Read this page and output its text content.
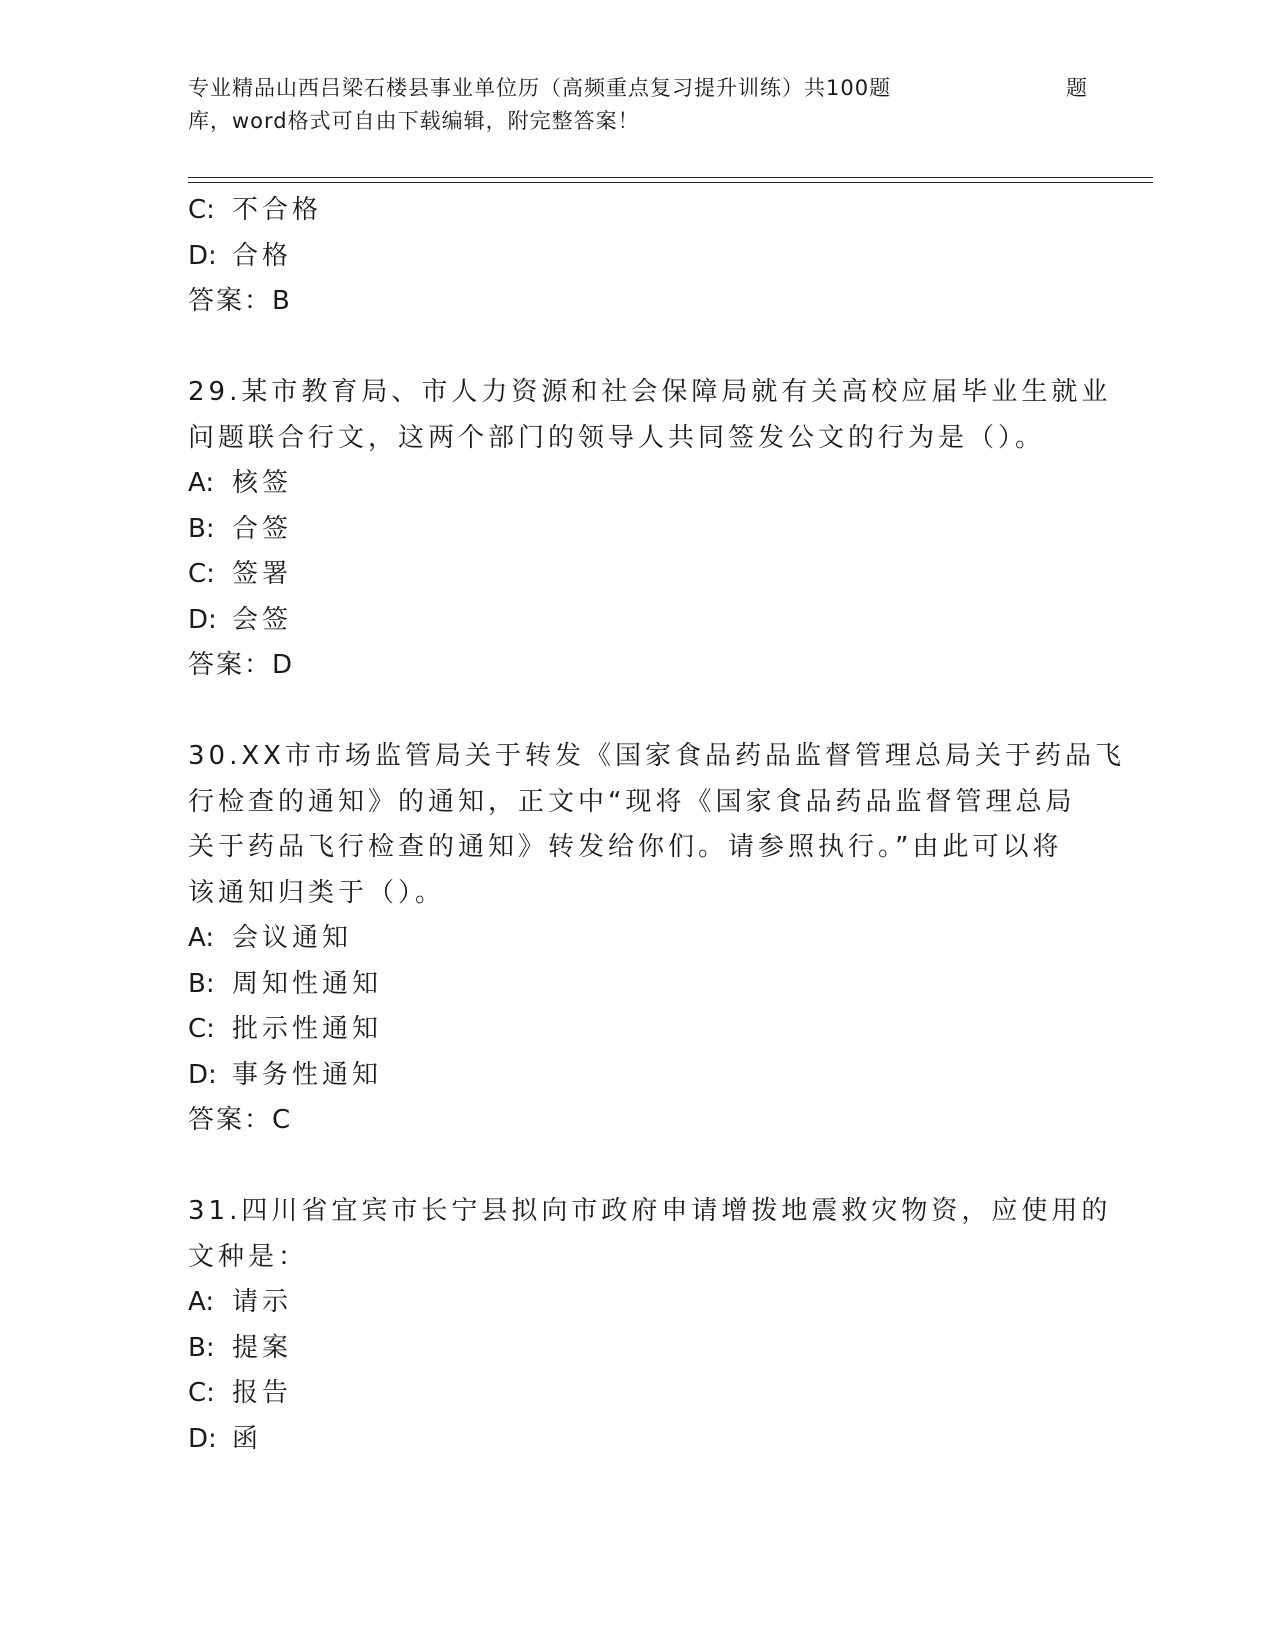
专业精品山西吕梁石楼县事业单位历（高频重点复习提升训练）共100题	题
库，word格式可自由下载编辑，附完整答案！
C: 不合格
D: 合格
答案：B
29.某市教育局、市人力资源和社会保障局就有关高校应届毕业生就业
问题联合行文，这两个部门的领导人共同签发公文的行为是（）。
A: 核签
B: 合签
C: 签署
D: 会签
答案：D
30.XX市市场监管局关于转发《国家食品药品监督管理总局关于药品飞
行检查的通知》的通知，正文中“现将《国家食品药品监督管理总局
关于药品飞行检查的通知》转发给你们。请参照执行。”由此可以将
该通知归类于（）。
A: 会议通知
B: 周知性通知
C: 批示性通知
D: 事务性通知
答案：C
31.四川省宜宾市长宁县拟向市政府申请增拨地震救灾物资，应使用的
文种是：
A: 请示
B: 提案
C: 报告
D: 函
